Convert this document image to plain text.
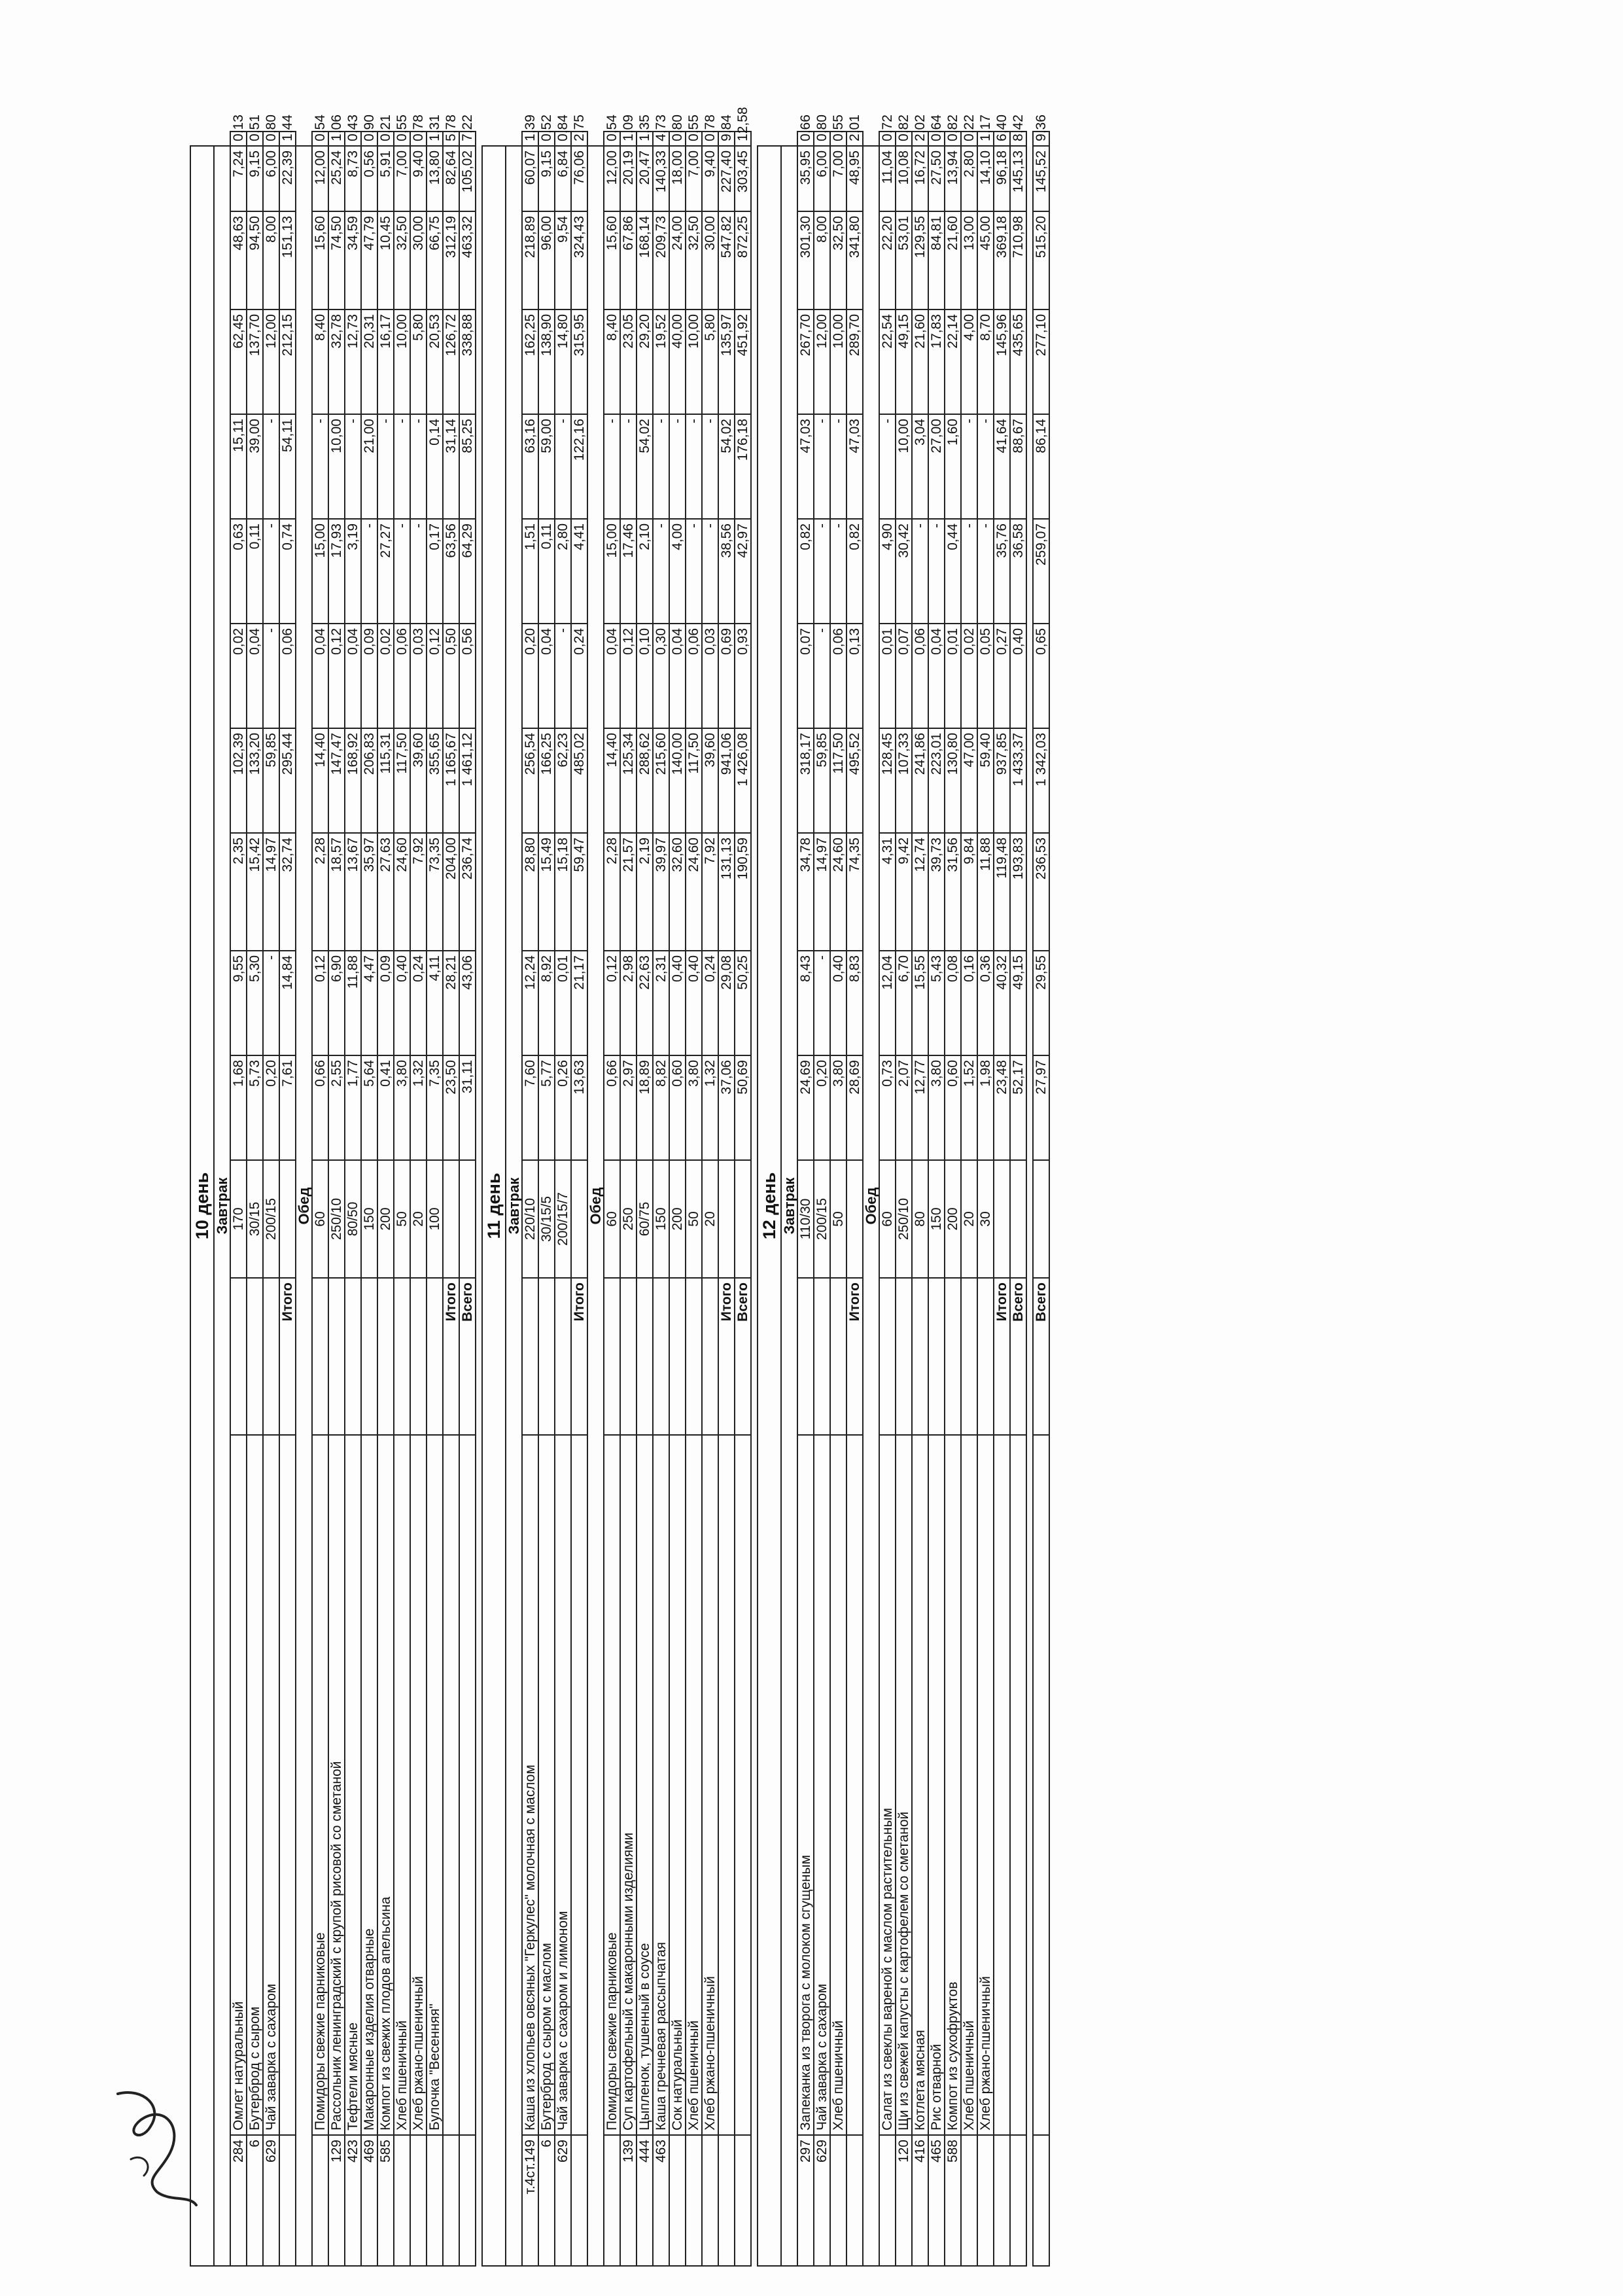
10 день														
Завтрак														
284	Омлет натуральный		170	1,68	9,55	2,35	102,39	0,02	0,63	15,11	62,45	48,63	7,24	0,13
6	Бутерброд с сыром		30/15	5,73	5,30	15,42	133,20	0,04	0,11	39,00	137,70	94,50	9,15	0,51
629	Чай заварка с сахаром		200/15	0,20	-	14,97	59,85	-	-	-	12,00	8,00	6,00	0,80
		Итого		7,61	14,84	32,74	295,44	0,06	0,74	54,11	212,15	151,13	22,39	1,44
Обед														
	Помидоры свежие парниковые		60	0,66	0,12	2,28	14,40	0,04	15,00	-	8,40	15,60	12,00	0,54
129	Рассольник ленинградский с крупой рисовой со сметаной		250/10	2,55	6,90	18,57	147,47	0,12	17,93	10,00	32,78	74,50	25,24	1,06
423	Тефтели мясные		80/50	1,77	11,88	13,67	168,92	0,04	3,19	-	12,73	34,59	8,73	0,43
469	Макаронные изделия отварные		150	5,64	4,47	35,97	206,83	0,09	-	21,00	20,31	47,79	0,56	0,90
585	Компот из свежих плодов апельсина		200	0,41	0,09	27,63	115,31	0,02	27,27	-	16,17	10,45	5,91	0,21
	Хлеб пшеничный		50	3,80	0,40	24,60	117,50	0,06	-	-	10,00	32,50	7,00	0,55
	Хлеб ржано-пшеничный		20	1,32	0,24	7,92	39,60	0,03	-	-	5,80	30,00	9,40	0,78
	Булочка "Весенняя"		100	7,35	4,11	73,35	355,65	0,12	0,17	0,14	20,53	66,75	13,80	1,31
		Итого		23,50	28,21	204,00	1 165,67	0,50	63,56	31,14	126,72	312,19	82,64	5,78
		Всего		31,11	43,06	236,74	1 461,12	0,56	64,29	85,25	338,88	463,32	105,02	7,22

11 день														
Завтрак														
т.4ст.149	Каша из хлопьев овсяных "Геркулес" молочная с маслом		220/10	7,60	12,24	28,80	256,54	0,20	1,51	63,16	162,25	218,89	60,07	1,39
6	Бутерброд с сыром с маслом		30/15/5	5,77	8,92	15,49	166,25	0,04	0,11	59,00	138,90	96,00	9,15	0,52
629	Чай заварка с сахаром и лимоном		200/15/7	0,26	0,01	15,18	62,23	-	2,80	-	14,80	9,54	6,84	0,84
		Итого		13,63	21,17	59,47	485,02	0,24	4,41	122,16	315,95	324,43	76,06	2,75
Обед														
	Помидоры свежие парниковые		60	0,66	0,12	2,28	14,40	0,04	15,00	-	8,40	15,60	12,00	0,54
139	Суп картофельный с макаронными изделиями		250	2,97	2,98	21,57	125,34	0,12	17,46	-	23,05	67,86	20,19	1,09
444	Цыпленок, тушенный в соусе		60/75	18,89	22,63	2,19	288,62	0,10	2,10	54,02	29,20	168,14	20,47	1,35
463	Каша гречневая рассыпчатая		150	8,82	2,31	39,97	215,60	0,30	-	-	19,52	209,73	140,33	4,73
	Сок натуральный		200	0,60	0,40	32,60	140,00	0,04	4,00	-	40,00	24,00	18,00	0,80
	Хлеб пшеничный		50	3,80	0,40	24,60	117,50	0,06	-	-	10,00	32,50	7,00	0,55
	Хлеб ржано-пшеничный		20	1,32	0,24	7,92	39,60	0,03	-	-	5,80	30,00	9,40	0,78
		Итого		37,06	29,08	131,13	941,06	0,69	38,56	54,02	135,97	547,82	227,40	9,84
		Всего		50,69	50,25	190,59	1 426,08	0,93	42,97	176,18	451,92	872,25	303,45	12,58

12 день														
Завтрак														
297	Запеканка из творога с молоком сгущеным		110/30	24,69	8,43	34,78	318,17	0,07	0,82	47,03	267,70	301,30	35,95	0,66
629	Чай заварка с сахаром		200/15	0,20	-	14,97	59,85	-	-	-	12,00	8,00	6,00	0,80
	Хлеб пшеничный		50	3,80	0,40	24,60	117,50	0,06	-	-	10,00	32,50	7,00	0,55
		Итого		28,69	8,83	74,35	495,52	0,13	0,82	47,03	289,70	341,80	48,95	2,01
Обед														
	Салат из свеклы вареной с маслом растительным		60	0,73	12,04	4,31	128,45	0,01	4,90	-	22,54	22,20	11,04	0,72
120	Щи из свежей капусты с картофелем со сметаной		250/10	2,07	6,70	9,42	107,33	0,07	30,42	10,00	49,15	53,01	10,08	0,82
416	Котлета мясная		80	12,77	15,55	12,74	241,86	0,06	-	3,04	21,60	129,55	16,72	2,02
465	Рис отварной		150	3,80	5,43	39,73	223,01	0,04	-	27,00	17,83	84,81	27,50	0,64
588	Компот из сухофруктов		200	0,60	0,08	31,56	130,80	0,01	0,44	1,60	22,14	21,60	13,94	0,82
	Хлеб пшеничный		20	1,52	0,16	9,84	47,00	0,02	-	-	4,00	13,00	2,80	0,22
	Хлеб ржано-пшеничный		30	1,98	0,36	11,88	59,40	0,05	-	-	8,70	45,00	14,10	1,17
		Итого		23,48	40,32	119,48	937,85	0,27	35,76	41,64	145,96	369,18	96,18	6,40
		Всего		52,17	49,15	193,83	1 433,37	0,40	36,58	88,67	435,65	710,98	145,13	8,42

		Всего		27,97	29,55	236,53	1 342,03	0,65	259,07	86,14	277,10	515,20	145,52	9,36
